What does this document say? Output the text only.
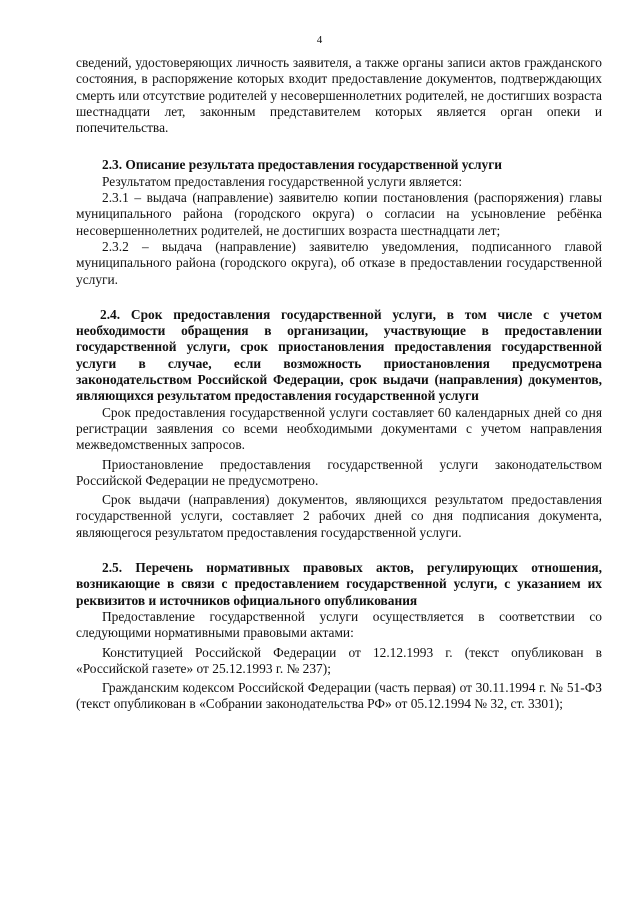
4

сведений, удостоверяющих личность заявителя, а также органы записи актов гражданского состояния, в распоряжение которых входит предоставление документов, подтверждающих смерть или отсутствие родителей у несовершеннолетних родителей, не достигших возраста шестнадцати лет, законным представителем которых является орган опеки и попечительства.

2.3. Описание результата предоставления государственной услуги

Результатом предоставления государственной услуги является:

2.3.1 – выдача (направление) заявителю копии постановления (распоряжения) главы муниципального района (городского округа) о согласии на усыновление ребёнка несовершеннолетних родителей, не достигших возраста шестнадцати лет;

2.3.2 – выдача (направление) заявителю уведомления, подписанного главой муниципального района (городского округа), об отказе в предоставлении государственной услуги.

2.4. Срок предоставления государственной услуги, в том числе с учетом необходимости обращения в организации, участвующие в предоставлении государственной услуги, срок приостановления предоставления государственной услуги в случае, если возможность приостановления предусмотрена законодательством Российской Федерации, срок выдачи (направления) документов, являющихся результатом предоставления государственной услуги

Срок предоставления государственной услуги составляет 60 календарных дней со дня регистрации заявления со всеми необходимыми документами с учетом направления межведомственных запросов.

Приостановление предоставления государственной услуги законодательством Российской Федерации не предусмотрено.

Срок выдачи (направления) документов, являющихся результатом предоставления государственной услуги, составляет 2 рабочих дней со дня подписания документа, являющегося результатом предоставления государственной услуги.

2.5. Перечень нормативных правовых актов, регулирующих отношения, возникающие в связи с предоставлением государственной услуги, с указанием их реквизитов и источников официального опубликования

Предоставление государственной услуги осуществляется в соответствии со следующими нормативными правовыми актами:

Конституцией Российской Федерации от 12.12.1993 г. (текст опубликован в «Российской газете» от 25.12.1993 г. № 237);

Гражданским кодексом Российской Федерации (часть первая) от 30.11.1994 г. № 51-ФЗ (текст опубликован в «Собрании законодательства РФ» от 05.12.1994 № 32, ст. 3301);
